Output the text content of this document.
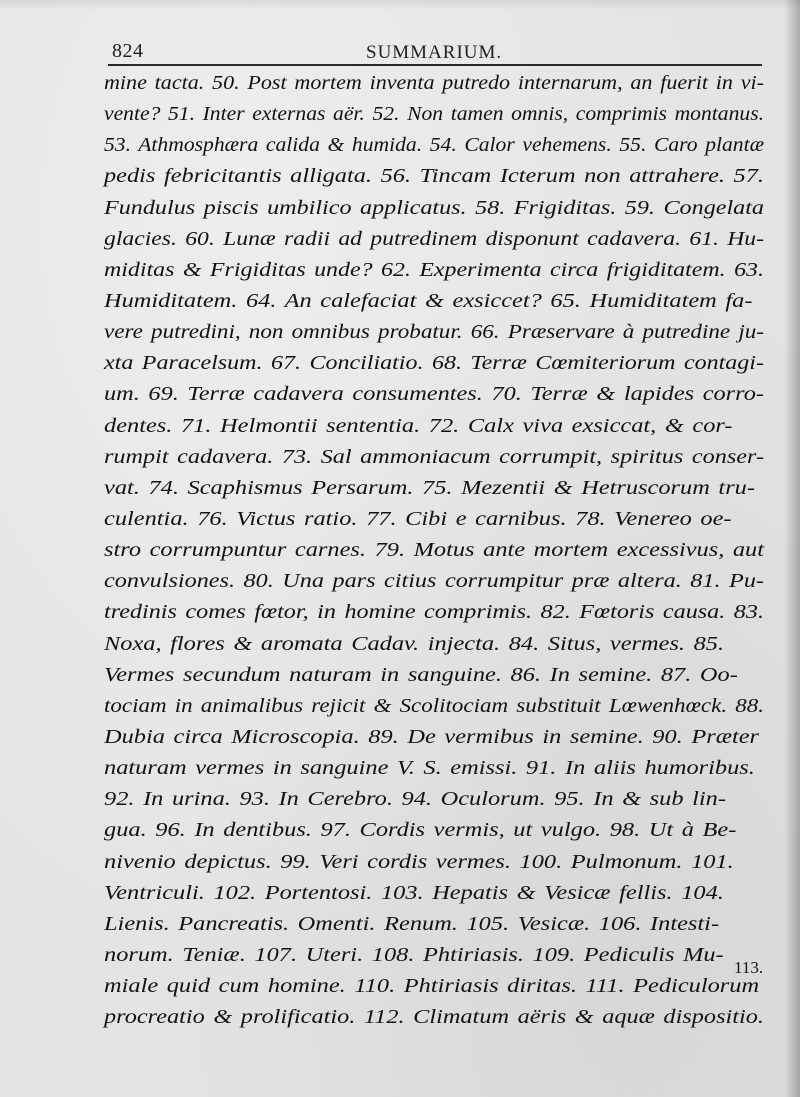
824	SUMMARIUM.
mine tacta. 50. Post mortem inventa putredo internarum, an fuerit in vi-
vente? 51. Inter externas aër. 52. Non tamen omnis, comprimis montanus.
53. Athmosphæra calida & humida. 54. Calor vehemens. 55. Caro plantæ
pedis febricitantis alligata. 56. Tincam Icterum non attrahere. 57.
Fundulus piscis umbilico applicatus. 58. Frigiditas. 59. Congelata
glacies. 60. Lunæ radii ad putredinem disponunt cadavera. 61. Hu-
miditas & Frigiditas unde? 62. Experimenta circa frigiditatem. 63.
Humiditatem. 64. An calefaciat & exsiccet? 65. Humiditatem fa-
vere putredini, non omnibus probatur. 66. Præservare à putredine ju-
xta Paracelsum. 67. Conciliatio. 68. Terræ Cœmiteriorum contagi-
um. 69. Terræ cadavera consumentes. 70. Terræ & lapides corro-
dentes. 71. Helmontii sententia. 72. Calx viva exsiccat, & cor-
rumpit cadavera. 73. Sal ammoniacum corrumpit, spiritus conser-
vat. 74. Scaphismus Persarum. 75. Mezentii & Hetruscorum tru-
culentia. 76. Victus ratio. 77. Cibi e carnibus. 78. Venereo oe-
stro corrumpuntur carnes. 79. Motus ante mortem excessivus, aut
convulsiones. 80. Una pars citius corrumpitur præ altera. 81. Pu-
tredinis comes fœtor, in homine comprimis. 82. Fœtoris causa. 83.
Noxa, flores & aromata Cadav. injecta. 84. Situs, vermes. 85.
Vermes secundum naturam in sanguine. 86. In semine. 87. Oo-
tociam in animalibus rejicit & Scolitociam substituit Lœwenhœck. 88.
Dubia circa Microscopia. 89. De vermibus in semine. 90. Præter
naturam vermes in sanguine V. S. emissi. 91. In aliis humoribus.
92. In urina. 93. In Cerebro. 94. Oculorum. 95. In & sub lin-
gua. 96. In dentibus. 97. Cordis vermis, ut vulgo. 98. Ut à Be-
nivenio depictus. 99. Veri cordis vermes. 100. Pulmonum. 101.
Ventriculi. 102. Portentosi. 103. Hepatis & Vesicæ fellis. 104.
Lienis. Pancreatis. Omenti. Renum. 105. Vesicæ. 106. Intesti-
norum. Teniæ. 107. Uteri. 108. Phtiriasis. 109. Pediculis Mu-
miale quid cum homine. 110. Phtiriasis diritas. 111. Pediculorum
procreatio & prolificatio. 112. Climatum aëris & aquæ dispositio.
113.
